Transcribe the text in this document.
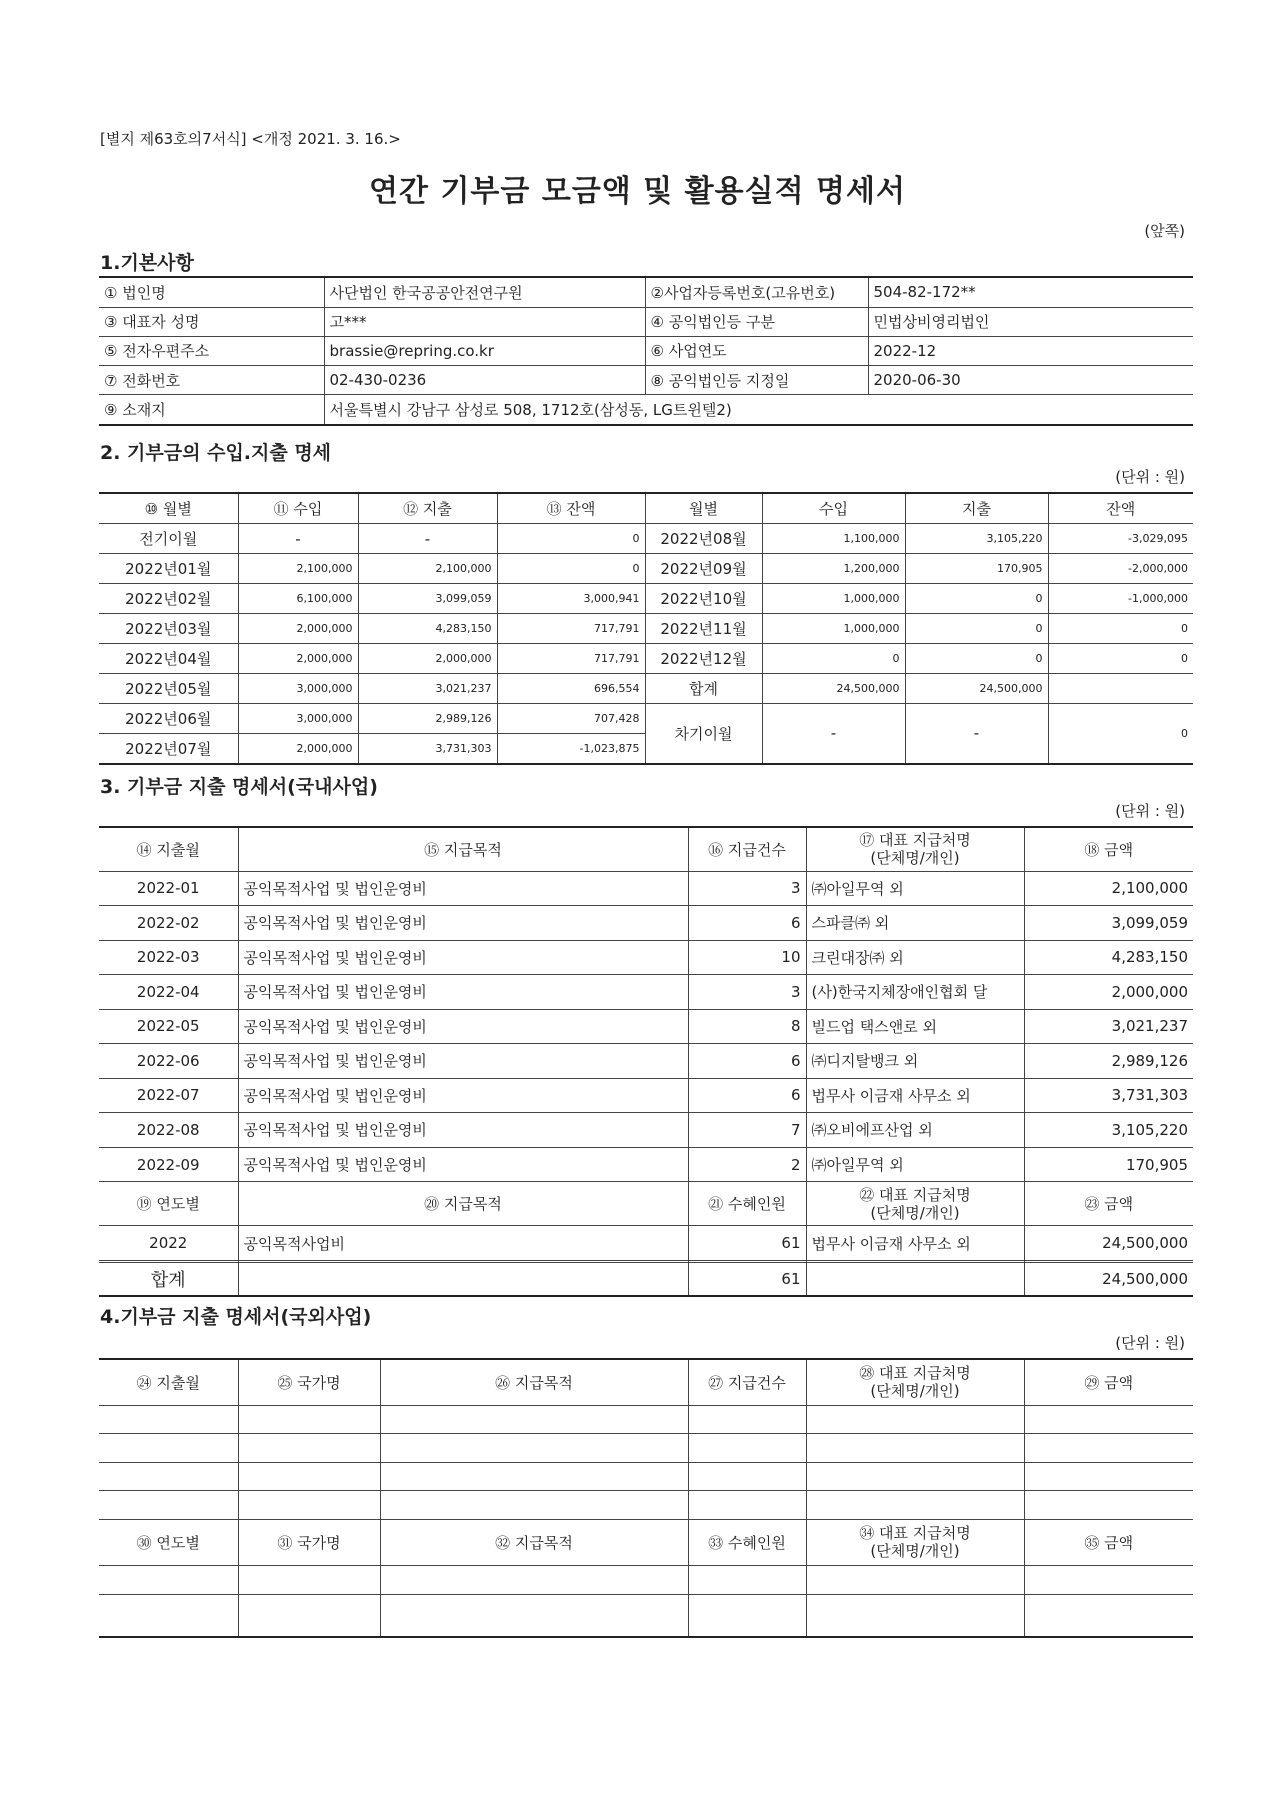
[별지 제63호의7서식] <개정 2021. 3. 16.>
연간 기부금 모금액 및 활용실적 명세서
(앞쪽)
1.기본사항
① 법인명	사단법인 한국공공안전연구원	②사업자등록번호(고유번호)	504-82-172**
③ 대표자 성명	고***	④ 공익법인등 구분	민법상비영리법인
⑤ 전자우편주소	brassie@repring.co.kr	⑥ 사업연도	2022-12
⑦ 전화번호	02-430-0236	⑧ 공익법인등 지정일	2020-06-30
⑨ 소재지	서울특별시 강남구 삼성로 508, 1712호(삼성동, LG트윈텔2)		
2. 기부금의 수입.지출 명세
(단위 : 원)
⑩ 월별	⑪ 수입	⑫ 지출	⑬ 잔액	월별	수입	지출	잔액
전기이월	-	-	0	2022년08월	1,100,000	3,105,220	-3,029,095
2022년01월	2,100,000	2,100,000	0	2022년09월	1,200,000	170,905	-2,000,000
2022년02월	6,100,000	3,099,059	3,000,941	2022년10월	1,000,000	0	-1,000,000
2022년03월	2,000,000	4,283,150	717,791	2022년11월	1,000,000	0	0
2022년04월	2,000,000	2,000,000	717,791	2022년12월	0	0	0
2022년05월	3,000,000	3,021,237	696,554	합계	24,500,000	24,500,000	
2022년06월	3,000,000	2,989,126	707,428	차기이월	-	-	0
2022년07월	2,000,000	3,731,303	-1,023,875				
3. 기부금 지출 명세서(국내사업)
(단위 : 원)
⑭ 지출월	⑮ 지급목적	⑯ 지급건수	⑰ 대표 지급처명
(단체명/개인)	⑱ 금액
2022-01	공익목적사업 및 법인운영비	3	㈜아일무역 외	2,100,000
2022-02	공익목적사업 및 법인운영비	6	스파클㈜ 외	3,099,059
2022-03	공익목적사업 및 법인운영비	10	크린대장㈜ 외	4,283,150
2022-04	공익목적사업 및 법인운영비	3	(사)한국지체장애인협회 달	2,000,000
2022-05	공익목적사업 및 법인운영비	8	빌드업 택스앤로 외	3,021,237
2022-06	공익목적사업 및 법인운영비	6	㈜디지탈뱅크 외	2,989,126
2022-07	공익목적사업 및 법인운영비	6	법무사 이금재 사무소 외	3,731,303
2022-08	공익목적사업 및 법인운영비	7	㈜오비에프산업 외	3,105,220
2022-09	공익목적사업 및 법인운영비	2	㈜아일무역 외	170,905
⑲ 연도별	⑳ 지급목적	㉑ 수혜인원	㉒ 대표 지급처명
(단체명/개인)	㉓ 금액
2022	공익목적사업비	61	법무사 이금재 사무소 외	24,500,000

합계		61		24,500,000
4.기부금 지출 명세서(국외사업)
(단위 : 원)
㉔ 지출월	㉕ 국가명	㉖ 지급목적	㉗ 지급건수	㉘ 대표 지급처명
(단체명/개인)	㉙ 금액

㉚ 연도별	㉛ 국가명	㉜ 지급목적	㉝ 수혜인원	㉞ 대표 지급처명
(단체명/개인)	㉟ 금액
